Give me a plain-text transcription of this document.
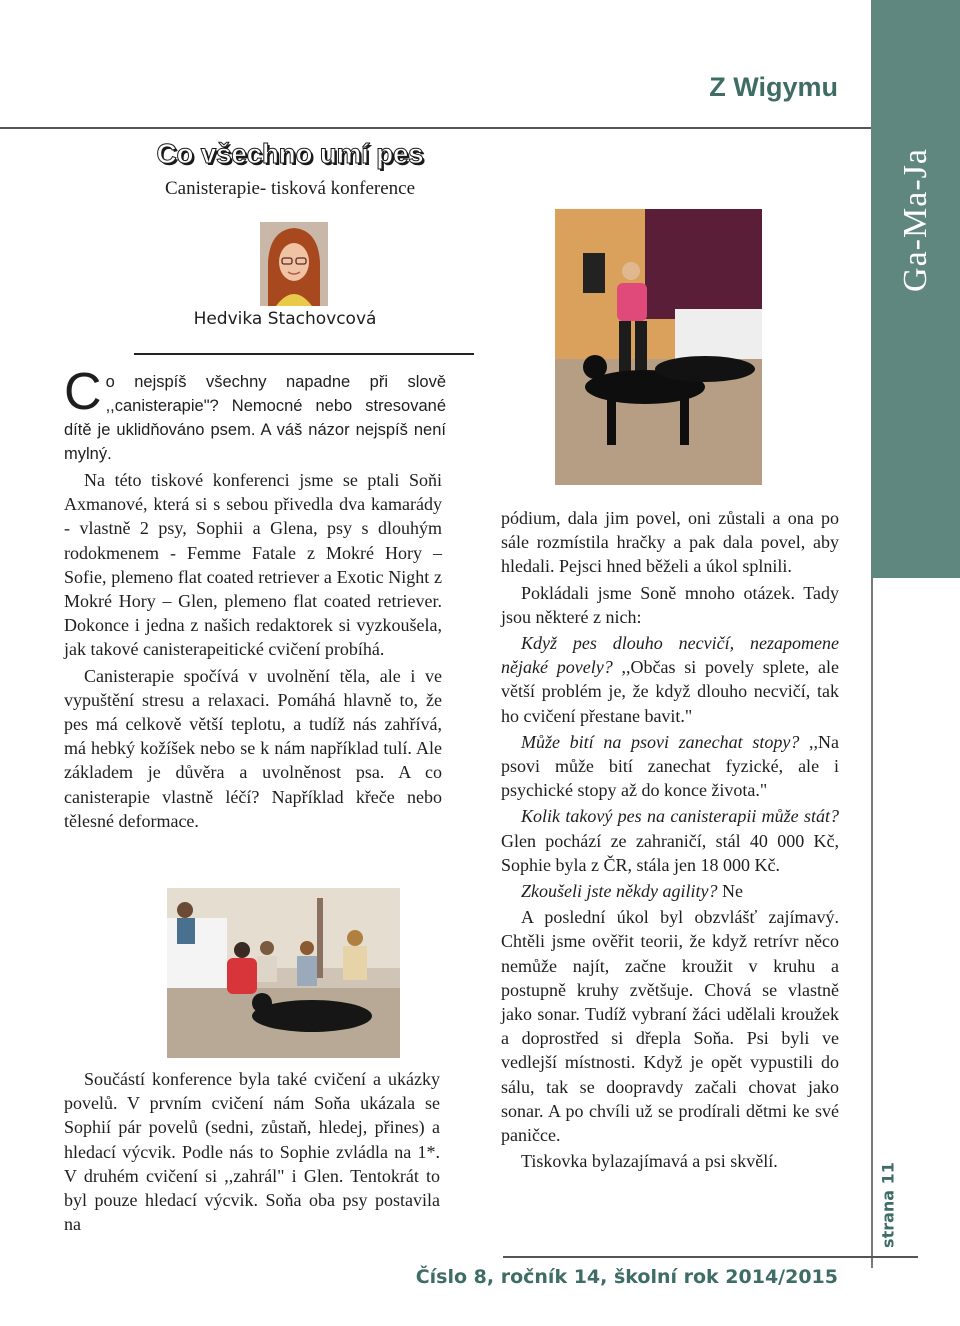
Ga-Ma-Ja
strana 11
Z Wigymu
Co všechno umí pes
Canisterapie- tisková konference
Hedvika Stachovcová
Co nejspíš všechny napadne při slově ,,canisterapie"? Nemocné nebo stresované dítě je uklidňováno psem. A váš názor nejspíš není mylný.

Na této tiskové konferenci jsme se ptali Soňi Axmanové, která si s sebou přivedla dva kamarády - vlastně 2 psy, Sophii a Glena, psy s dlouhým rodokmenem - Femme Fatale z Mokré Hory – Sofie, plemeno flat coated retriever a Exotic Night z Mokré Hory – Glen, plemeno flat coated retriever. Dokonce i jedna z našich redaktorek si vyzkoušela, jak takové canisterapeitické cvičení probíhá.

Canisterapie spočívá v uvolnění těla, ale i ve vypuštění stresu a relaxaci. Pomáhá hlavně to, že pes má celkově větší teplotu, a tudíž nás zahřívá, má hebký kožíšek nebo se k nám například tulí. Ale základem je důvěra a uvolněnost psa. A co canisterapie vlastně léčí? Například křeče nebo tělesné deformace.

Součástí konference byla také cvičení a ukázky povelů. V prvním cvičení nám Soňa ukázala se Sophií pár povelů (sedni, zůstaň, hledej, přines) a hledací výcvik. Podle nás to Sophie zvládla na 1*. V druhém cvičení si ,,zahrál" i Glen. Tentokrát to byl pouze hledací výcvik. Soňa oba psy postavila na

pódium, dala jim povel, oni zůstali a ona po sále rozmístila hračky a pak dala povel, aby hledali. Pejsci hned běželi a úkol splnili.

Pokládali jsme Soně mnoho otázek. Tady jsou některé z nich:

Když pes dlouho necvičí, nezapomene nějaké povely? ,,Občas si povely splete, ale větší problém je, že když dlouho necvičí, tak ho cvičení přestane bavit."

Může bití na psovi zanechat stopy? ,,Na psovi může bití zanechat fyzické, ale i psychické stopy až do konce života."

Kolik takový pes na canisterapii může stát? Glen pochází ze zahraničí, stál 40 000 Kč, Sophie byla z ČR, stála jen 18 000 Kč.

Zkoušeli jste někdy agility? Ne

A poslední úkol byl obzvlášť zajímavý. Chtěli jsme ověřit teorii, že když retrívr něco nemůže najít, začne kroužit v kruhu a postupně kruhy zvětšuje. Chová se vlastně jako sonar. Tudíž vybraní žáci udělali kroužek a doprostřed si dřepla Soňa. Psi byli ve vedlejší místnosti. Když je opět vypustili do sálu, tak se doopravdy začali chovat jako sonar. A po chvíli už se prodírali dětmi ke své paničce.

Tiskovka bylazajímavá a psi skvělí.

Číslo 8, ročník 14, školní rok 2014/2015
